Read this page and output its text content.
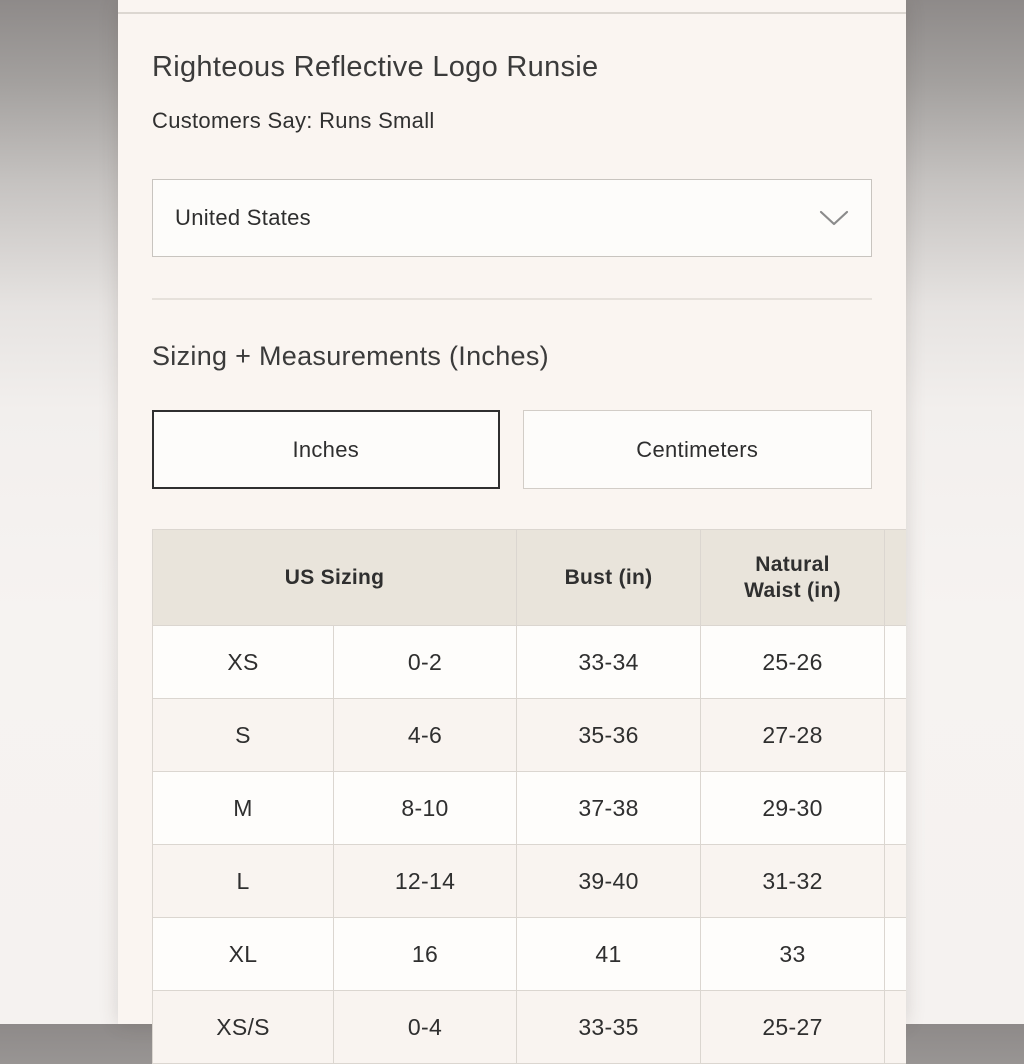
Righteous Reflective Logo Runsie

Customers Say: Runs Small

United States
Sizing + Measurements (Inches)
Inches	Centimeters
US Sizing		Bust (in)	Natural Waist (in)	
XS	0-2	33-34	25-26	
S	4-6	35-36	27-28	
M	8-10	37-38	29-30	
L	12-14	39-40	31-32	
XL	16	41	33	
XS/S	0-4	33-35	25-27	
